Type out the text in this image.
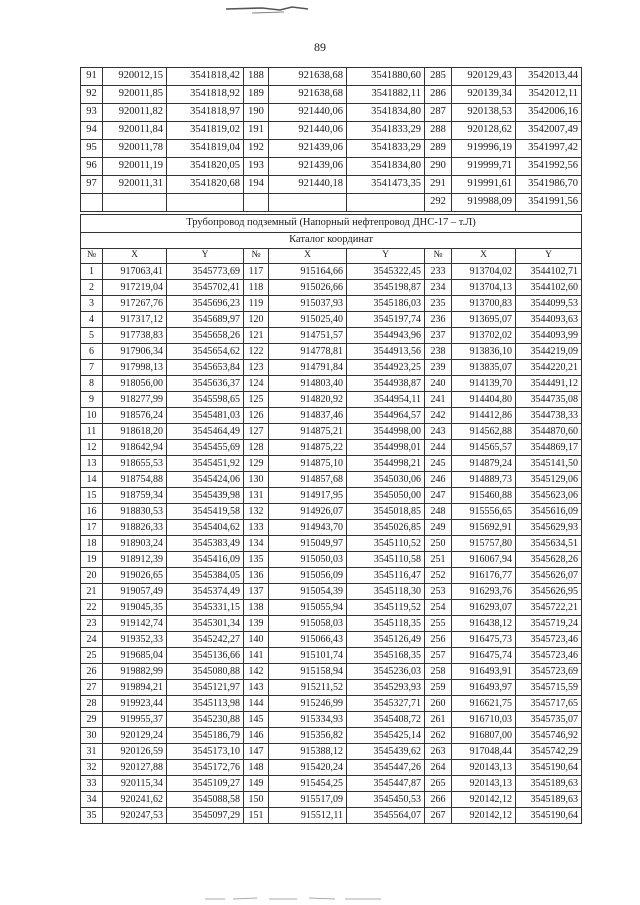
89
91	920012,15	3541818,42	188	921638,68	3541880,60	285	920129,43	3542013,44
92	920011,85	3541818,92	189	921638,68	3541882,11	286	920139,34	3542012,11
93	920011,82	3541818,97	190	921440,06	3541834,80	287	920138,53	3542006,16
94	920011,84	3541819,02	191	921440,06	3541833,29	288	920128,62	3542007,49
95	920011,78	3541819,04	192	921439,06	3541833,29	289	919996,19	3541997,42
96	920011,19	3541820,05	193	921439,06	3541834,80	290	919999,71	3541992,56
97	920011,31	3541820,68	194	921440,18	3541473,35	291	919991,61	3541986,70
						292	919988,09	3541991,56
Трубопровод подземный (Напорный нефтепровод ДНС-17 – т.Л)								
Каталог координат								
№	X	Y	№	X	Y	№	X	Y
1	917063,41	3545773,69	117	915164,66	3545322,45	233	913704,02	3544102,71
2	917219,04	3545702,41	118	915026,66	3545198,87	234	913704,13	3544102,60
3	917267,76	3545696,23	119	915037,93	3545186,03	235	913700,83	3544099,53
4	917317,12	3545689,97	120	915025,40	3545197,74	236	913695,07	3544093,63
5	917738,83	3545658,26	121	914751,57	3544943,96	237	913702,02	3544093,99
6	917906,34	3545654,62	122	914778,81	3544913,56	238	913836,10	3544219,09
7	917998,13	3545653,84	123	914791,84	3544923,25	239	913835,07	3544220,21
8	918056,00	3545636,37	124	914803,40	3544938,87	240	914139,70	3544491,12
9	918277,99	3545598,65	125	914820,92	3544954,11	241	914404,80	3544735,08
10	918576,24	3545481,03	126	914837,46	3544964,57	242	914412,86	3544738,33
11	918618,20	3545464,49	127	914875,21	3544998,00	243	914562,88	3544870,60
12	918642,94	3545455,69	128	914875,22	3544998,01	244	914565,57	3544869,17
13	918655,53	3545451,92	129	914875,10	3544998,21	245	914879,24	3545141,50
14	918754,88	3545424,06	130	914857,68	3545030,06	246	914889,73	3545129,06
15	918759,34	3545439,98	131	914917,95	3545050,00	247	915460,88	3545623,06
16	918830,53	3545419,58	132	914926,07	3545018,85	248	915556,65	3545616,09
17	918826,33	3545404,62	133	914943,70	3545026,85	249	915692,91	3545629,93
18	918903,24	3545383,49	134	915049,97	3545110,52	250	915757,80	3545634,51
19	918912,39	3545416,09	135	915050,03	3545110,58	251	916067,94	3545628,26
20	919026,65	3545384,05	136	915056,09	3545116,47	252	916176,77	3545626,07
21	919057,49	3545374,49	137	915054,39	3545118,30	253	916293,76	3545626,95
22	919045,35	3545331,15	138	915055,94	3545119,52	254	916293,07	3545722,21
23	919142,74	3545301,34	139	915058,03	3545118,35	255	916438,12	3545719,24
24	919352,33	3545242,27	140	915066,43	3545126,49	256	916475,73	3545723,46
25	919685,04	3545136,66	141	915101,74	3545168,35	257	916475,74	3545723,46
26	919882,99	3545080,88	142	915158,94	3545236,03	258	916493,91	3545723,69
27	919894,21	3545121,97	143	915211,52	3545293,93	259	916493,97	3545715,59
28	919923,44	3545113,98	144	915246,99	3545327,71	260	916621,75	3545717,65
29	919955,37	3545230,88	145	915334,93	3545408,72	261	916710,03	3545735,07
30	920129,24	3545186,79	146	915356,82	3545425,14	262	916807,00	3545746,92
31	920126,59	3545173,10	147	915388,12	3545439,62	263	917048,44	3545742,29
32	920127,88	3545172,76	148	915420,24	3545447,26	264	920143,13	3545190,64
33	920115,34	3545109,27	149	915454,25	3545447,87	265	920143,13	3545189,63
34	920241,62	3545088,58	150	915517,09	3545450,53	266	920142,12	3545189,63
35	920247,53	3545097,29	151	915512,11	3545564,07	267	920142,12	3545190,64
